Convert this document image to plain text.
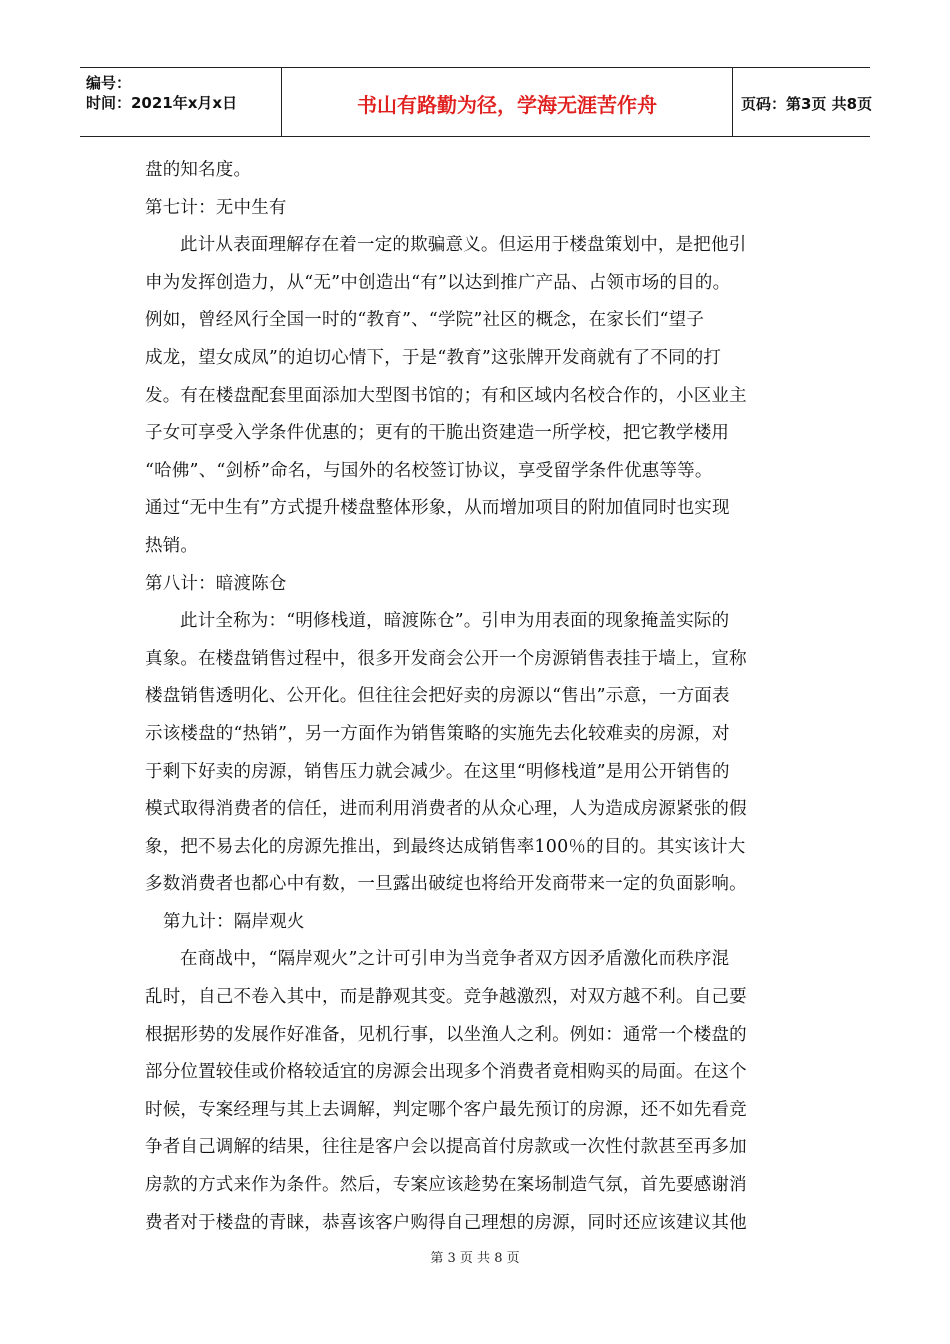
编号：
时间：2021年x月x日	书山有路勤为径，学海无涯苦作舟	页码：第3页 共8页
盘的知名度。
第七计：无中生有
此计从表面理解存在着一定的欺骗意义。但运用于楼盘策划中，是把他引
申为发挥创造力，从“无”中创造出“有”以达到推广产品、占领市场的目的。
例如，曾经风行全国一时的“教育”、“学院”社区的概念，在家长们“望子
成龙，望女成凤”的迫切心情下，于是“教育”这张牌开发商就有了不同的打
发。有在楼盘配套里面添加大型图书馆的；有和区域内名校合作的，小区业主
子女可享受入学条件优惠的；更有的干脆出资建造一所学校，把它教学楼用
“哈佛”、“剑桥”命名，与国外的名校签订协议，享受留学条件优惠等等。
通过“无中生有”方式提升楼盘整体形象，从而增加项目的附加值同时也实现
热销。
第八计：暗渡陈仓
此计全称为：“明修栈道，暗渡陈仓”。引申为用表面的现象掩盖实际的
真象。在楼盘销售过程中，很多开发商会公开一个房源销售表挂于墙上，宣称
楼盘销售透明化、公开化。但往往会把好卖的房源以“售出”示意，一方面表
示该楼盘的“热销”，另一方面作为销售策略的实施先去化较难卖的房源，对
于剩下好卖的房源，销售压力就会减少。在这里“明修栈道”是用公开销售的
模式取得消费者的信任，进而利用消费者的从众心理，人为造成房源紧张的假
象，把不易去化的房源先推出，到最终达成销售率100％的目的。其实该计大
多数消费者也都心中有数，一旦露出破绽也将给开发商带来一定的负面影响。
第九计：隔岸观火
在商战中，“隔岸观火”之计可引申为当竞争者双方因矛盾激化而秩序混
乱时，自己不卷入其中，而是静观其变。竞争越激烈，对双方越不利。自己要
根据形势的发展作好准备，见机行事，以坐渔人之利。例如：通常一个楼盘的
部分位置较佳或价格较适宜的房源会出现多个消费者竟相购买的局面。在这个
时候，专案经理与其上去调解，判定哪个客户最先预订的房源，还不如先看竞
争者自己调解的结果，往往是客户会以提高首付房款或一次性付款甚至再多加
房款的方式来作为条件。然后，专案应该趁势在案场制造气氛，首先要感谢消
费者对于楼盘的青睐，恭喜该客户购得自己理想的房源，同时还应该建议其他
第 3 页 共 8 页
